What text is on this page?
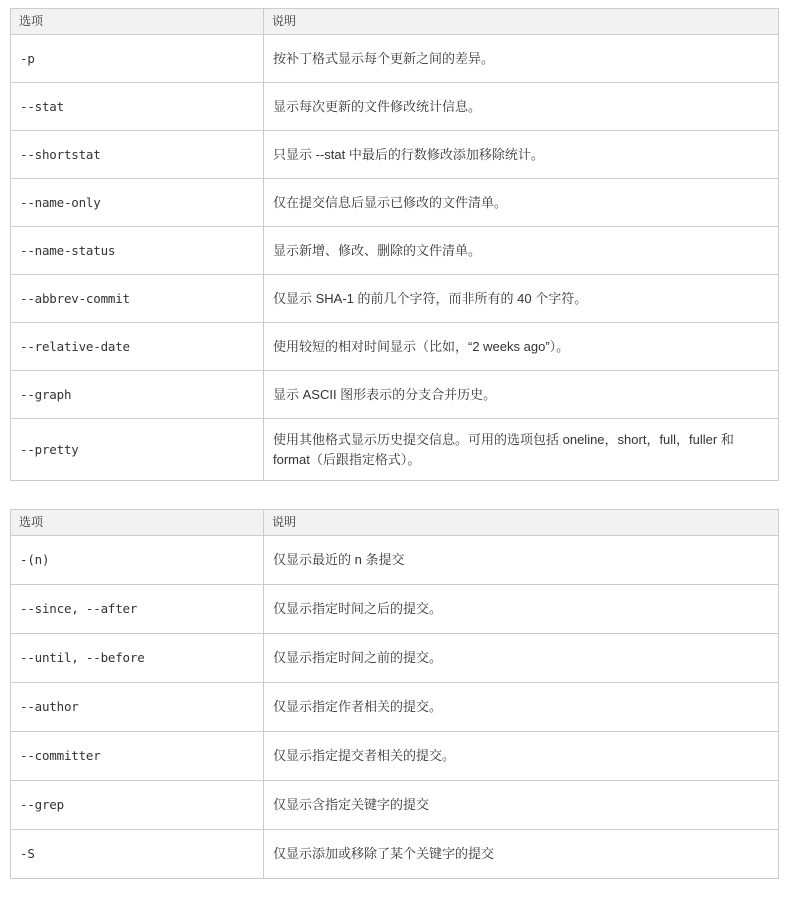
选项	说明
-p	按补丁格式显示每个更新之间的差异。
--stat	显示每次更新的文件修改统计信息。
--shortstat	只显示 --stat 中最后的行数修改添加移除统计。
--name-only	仅在提交信息后显示已修改的文件清单。
--name-status	显示新增、修改、删除的文件清单。
--abbrev-commit	仅显示 SHA-1 的前几个字符，而非所有的 40 个字符。
--relative-date	使用较短的相对时间显示（比如，“2 weeks ago”）。
--graph	显示 ASCII 图形表示的分支合并历史。
--pretty	使用其他格式显示历史提交信息。可用的选项包括 oneline，short，full，fuller 和 format（后跟指定格式）。
选项	说明
-(n)	仅显示最近的 n 条提交
--since, --after	仅显示指定时间之后的提交。
--until, --before	仅显示指定时间之前的提交。
--author	仅显示指定作者相关的提交。
--committer	仅显示指定提交者相关的提交。
--grep	仅显示含指定关键字的提交
-S	仅显示添加或移除了某个关键字的提交
